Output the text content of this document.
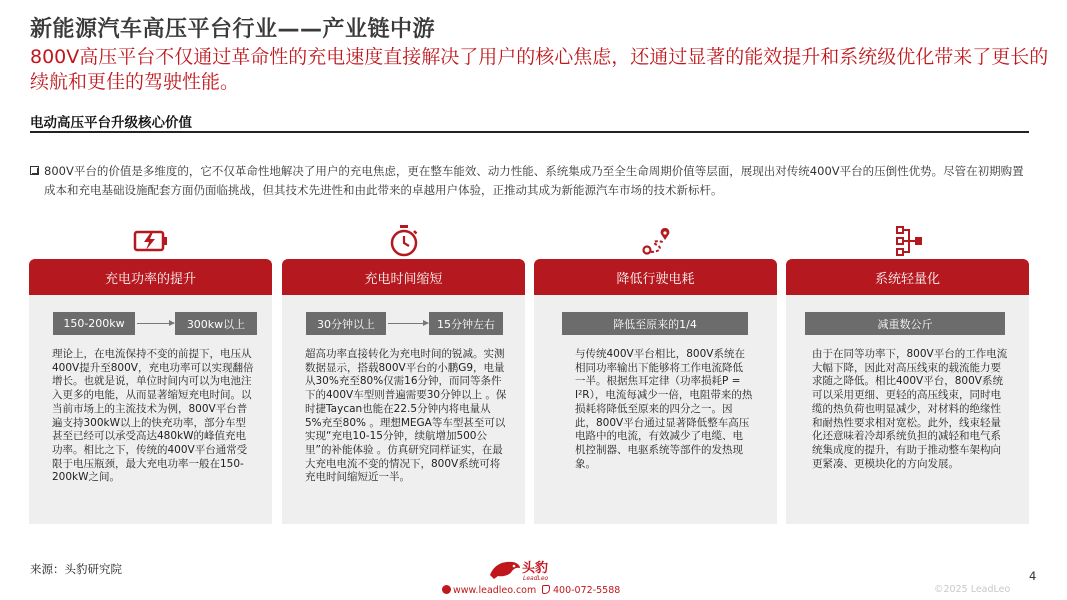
新能源汽车高压平台行业——产业链中游
800V高压平台不仅通过革命性的充电速度直接解决了用户的核心焦虑，还通过显著的能效提升和系统级优化带来了更长的续航和更佳的驾驶性能。
电动高压平台升级核心价值
800V平台的价值是多维度的，它不仅革命性地解决了用户的充电焦虑，更在整车能效、动力性能、系统集成乃至全生命周期价值等层面，展现出对传统400V平台的压倒性优势。尽管在初期购置成本和充电基础设施配套方面仍面临挑战，但其技术先进性和由此带来的卓越用户体验，正推动其成为新能源汽车市场的技术新标杆。
充电功率的提升
150-200kw	300kw以上
理论上，在电流保持不变的前提下，电压从400V提升至800V，充电功率可以实现翻倍增长。也就是说，单位时间内可以为电池注入更多的电能，从而显著缩短充电时间。以当前市场上的主流技术为例，800V平台普遍支持300kW以上的快充功率，部分车型甚至已经可以承受高达480kW的峰值充电功率。相比之下，传统的400V平台通常受限于电压瓶颈，最大充电功率一般在150-200kW之间。
充电时间缩短
30分钟以上	15分钟左右
超高功率直接转化为充电时间的锐减。实测数据显示，搭载800V平台的小鹏G9，电量从30%充至80%仅需16分钟，而同等条件下的400V车型则普遍需要30分钟以上 。保时捷Taycan也能在22.5分钟内将电量从5%充至80% 。理想MEGA等车型甚至可以实现“充电10-15分钟，续航增加500公里”的补能体验 。仿真研究同样证实，在最大充电电流不变的情况下，800V系统可将充电时间缩短近一半。
降低行驶电耗
降低至原来的1/4
与传统400V平台相比，800V系统在相同功率输出下能够将工作电流降低一半。根据焦耳定律（功率损耗P = I²R），电流每减少一倍，电阻带来的热损耗将降低至原来的四分之一。因此，800V平台通过显著降低整车高压电路中的电流，有效减少了电缆、电机控制器、电驱系统等部件的发热现象。
系统轻量化
减重数公斤
由于在同等功率下，800V平台的工作电流大幅下降，因此对高压线束的载流能力要求随之降低。相比400V平台，800V系统可以采用更细、更轻的高压线束，同时电缆的热负荷也明显减少，对材料的绝缘性和耐热性要求相对宽松。此外，线束轻量化还意味着冷却系统负担的减轻和电气系统集成度的提升，有助于推动整车架构向更紧凑、更模块化的方向发展。
来源：头豹研究院	头豹
LeadLeo
www.leadleo.com	400-072-5588
4
©2025 LeadLeo
